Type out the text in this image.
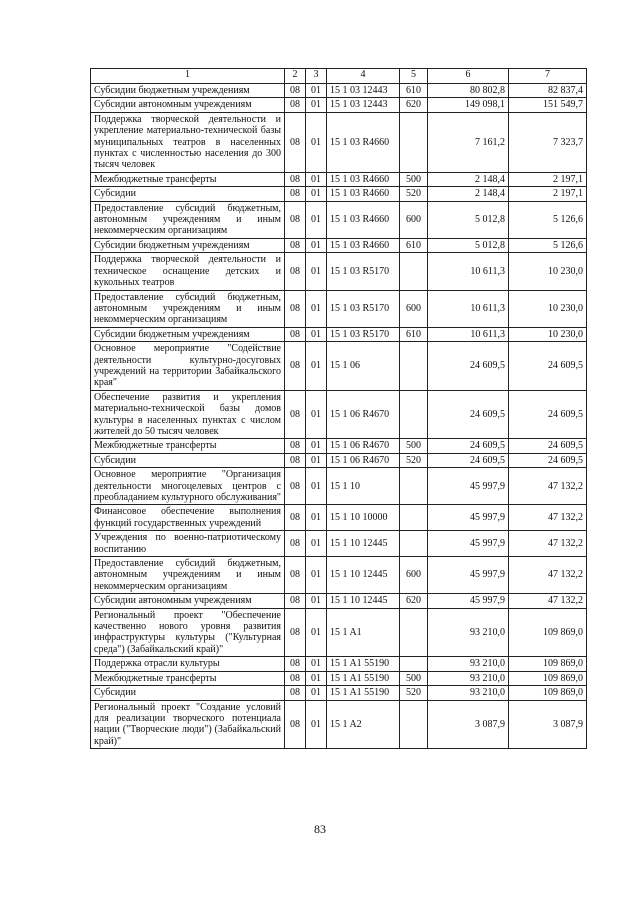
1	2	3	4	5	6	7
Субсидии бюджетным учреждениям	08	01	15 1 03 12443	610	80 802,8	82 837,4
Субсидии автономным учреждениям	08	01	15 1 03 12443	620	149 098,1	151 549,7
Поддержка творческой деятельности и укрепление материально-технической базы муниципальных театров в населенных пунктах с численностью населения до 300 тысяч человек	08	01	15 1 03 R4660		7 161,2	7 323,7
Межбюджетные трансферты	08	01	15 1 03 R4660	500	2 148,4	2 197,1
Субсидии	08	01	15 1 03 R4660	520	2 148,4	2 197,1
Предоставление субсидий бюджетным, автономным учреждениям и иным некоммерческим организациям	08	01	15 1 03 R4660	600	5 012,8	5 126,6
Субсидии бюджетным учреждениям	08	01	15 1 03 R4660	610	5 012,8	5 126,6
Поддержка творческой деятельности и техническое оснащение детских и кукольных театров	08	01	15 1 03 R5170		10 611,3	10 230,0
Предоставление субсидий бюджетным, автономным учреждениям и иным некоммерческим организациям	08	01	15 1 03 R5170	600	10 611,3	10 230,0
Субсидии бюджетным учреждениям	08	01	15 1 03 R5170	610	10 611,3	10 230,0
Основное мероприятие "Содействие деятельности культурно-досуговых учреждений на территории Забайкальского края"	08	01	15 1 06		24 609,5	24 609,5
Обеспечение развития и укрепления материально-технической базы домов культуры в населенных пунктах с числом жителей до 50 тысяч человек	08	01	15 1 06 R4670		24 609,5	24 609,5
Межбюджетные трансферты	08	01	15 1 06 R4670	500	24 609,5	24 609,5
Субсидии	08	01	15 1 06 R4670	520	24 609,5	24 609,5
Основное мероприятие "Организация деятельности многоцелевых центров с преобладанием культурного обслуживания"	08	01	15 1 10		45 997,9	47 132,2
Финансовое обеспечение выполнения функций государственных учреждений	08	01	15 1 10 10000		45 997,9	47 132,2
Учреждения по военно-патриотическому воспитанию	08	01	15 1 10 12445		45 997,9	47 132,2
Предоставление субсидий бюджетным, автономным учреждениям и иным некоммерческим организациям	08	01	15 1 10 12445	600	45 997,9	47 132,2
Субсидии автономным учреждениям	08	01	15 1 10 12445	620	45 997,9	47 132,2
Региональный проект "Обеспечение качественно нового уровня развития инфраструктуры культуры ("Культурная среда") (Забайкальский край)"	08	01	15 1 A1		93 210,0	109 869,0
Поддержка отрасли культуры	08	01	15 1 A1 55190		93 210,0	109 869,0
Межбюджетные трансферты	08	01	15 1 A1 55190	500	93 210,0	109 869,0
Субсидии	08	01	15 1 A1 55190	520	93 210,0	109 869,0
Региональный проект "Создание условий для реализации творческого потенциала нации ("Творческие люди") (Забайкальский край)"	08	01	15 1 A2		3 087,9	3 087,9
83
